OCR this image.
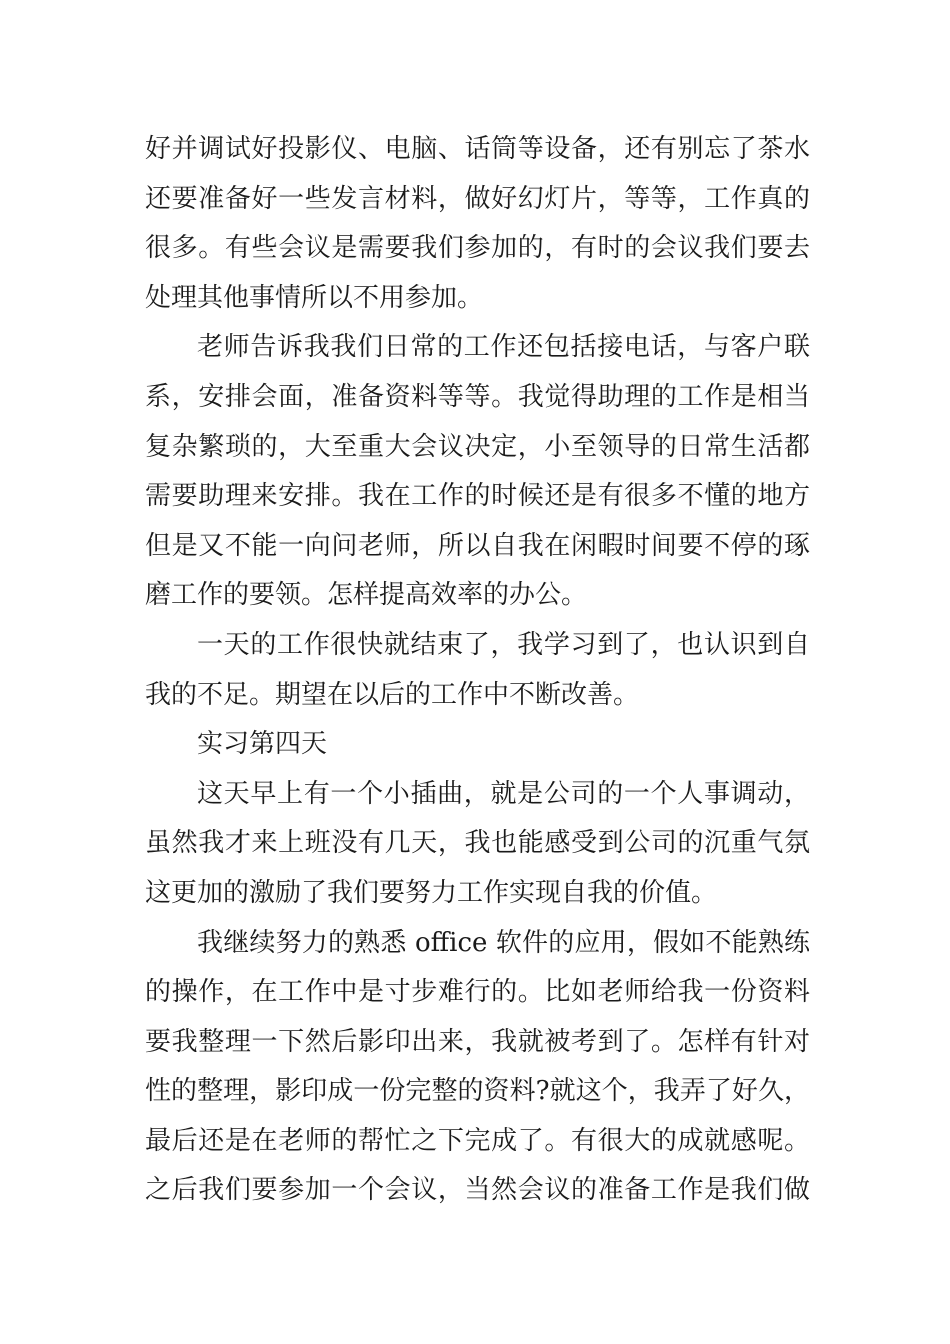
好并调试好投影仪、电脑、话筒等设备，还有别忘了茶水
还要准备好一些发言材料，做好幻灯片，等等，工作真的
很多。有些会议是需要我们参加的，有时的会议我们要去
处理其他事情所以不用参加。
老师告诉我我们日常的工作还包括接电话，与客户联
系，安排会面，准备资料等等。我觉得助理的工作是相当
复杂繁琐的，大至重大会议决定，小至领导的日常生活都
需要助理来安排。我在工作的时候还是有很多不懂的地方
但是又不能一向问老师，所以自我在闲暇时间要不停的琢
磨工作的要领。怎样提高效率的办公。
一天的工作很快就结束了，我学习到了，也认识到自
我的不足。期望在以后的工作中不断改善。
实习第四天
这天早上有一个小插曲，就是公司的一个人事调动，
虽然我才来上班没有几天，我也能感受到公司的沉重气氛
这更加的激励了我们要努力工作实现自我的价值。
我继续努力的熟悉 office 软件的应用，假如不能熟练
的操作，在工作中是寸步难行的。比如老师给我一份资料
要我整理一下然后影印出来，我就被考到了。怎样有针对
性的整理，影印成一份完整的资料?就这个，我弄了好久，
最后还是在老师的帮忙之下完成了。有很大的成就感呢。
之后我们要参加一个会议，当然会议的准备工作是我们做
